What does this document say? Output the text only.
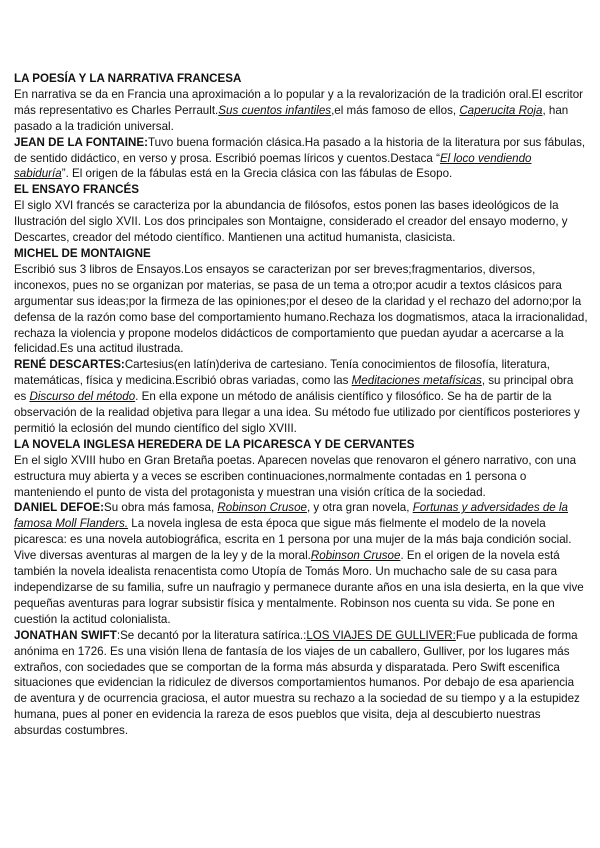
LA POESÍA Y LA NARRATIVA FRANCESA

En narrativa se da en Francia una aproximación a lo popular y a la revalorización de la tradición oral.El escritor más representativo es Charles Perrault.Sus cuentos infantiles,el más famoso de ellos, Caperucita Roja, han pasado a la tradición universal.

JEAN DE LA FONTAINE:Tuvo buena formación clásica.Ha pasado a la historia de la literatura por sus fábulas, de sentido didáctico, en verso y prosa. Escribió poemas líricos y cuentos.Destaca “El loco vendiendo sabiduría”. El origen de la fábulas está en la Grecia clásica con las fábulas de Esopo.

EL ENSAYO FRANCÉS

El siglo XVI francés se caracteriza por la abundancia de filósofos, estos ponen las bases ideológicos de la Ilustración del siglo XVII. Los dos principales son Montaigne, considerado el creador del ensayo moderno, y Descartes, creador del método científico. Mantienen una actitud humanista, clasicista.

MICHEL DE MONTAIGNE

Escribió sus 3 libros de Ensayos.Los ensayos se caracterizan por ser breves;fragmentarios, diversos, inconexos, pues no se organizan por materias, se pasa de un tema a otro;por acudir a textos clásicos para argumentar sus ideas;por la firmeza de las opiniones;por el deseo de la claridad y el rechazo del adorno;por la defensa de la razón como base del comportamiento humano.Rechaza los dogmatismos, ataca la irracionalidad, rechaza la violencia y propone modelos didácticos de comportamiento que puedan ayudar a acercarse a la felicidad.Es una actitud ilustrada.

RENÉ DESCARTES:Cartesius(en latín)deriva de cartesiano. Tenía conocimientos de filosofía, literatura, matemáticas, física y medicina.Escribió obras variadas, como las Meditaciones metafísicas, su principal obra es Discurso del método. En ella expone un método de análisis científico y filosófico. Se ha de partir de la observación de la realidad objetiva para llegar a una idea. Su método fue utilizado por científicos posteriores y permitió la eclosión del mundo científico del siglo XVIII.

LA NOVELA INGLESA HEREDERA DE LA PICARESCA Y DE CERVANTES

En el siglo XVIII hubo en Gran Bretaña poetas. Aparecen novelas que renovaron el género narrativo, con una estructura muy abierta y a veces se escriben continuaciones,normalmente contadas en 1 persona o manteniendo el punto de vista del protagonista y muestran una visión crítica de la sociedad.

DANIEL DEFOE:Su obra más famosa, Robinson Crusoe, y otra gran novela, Fortunas y adversidades de la famosa Moll Flanders. La novela inglesa de esta época que sigue más fielmente el modelo de la novela picaresca: es una novela autobiográfica, escrita en 1 persona por una mujer de la más baja condición social. Vive diversas aventuras al margen de la ley y de la moral.Robinson Crusoe. En el origen de la novela está también la novela idealista renacentista como Utopía de Tomás Moro. Un muchacho sale de su casa para independizarse de su familia, sufre un naufragio y permanece durante años en una isla desierta, en la que vive pequeñas aventuras para lograr subsistir física y mentalmente. Robinson nos cuenta su vida. Se pone en cuestión la actitud colonialista.

JONATHAN SWIFT:Se decantó por la literatura satírica.:LOS VIAJES DE GULLIVER:Fue publicada de forma anónima en 1726. Es una visión llena de fantasía de los viajes de un caballero, Gulliver, por los lugares más extraños, con sociedades que se comportan de la forma más absurda y disparatada. Pero Swift escenifica situaciones que evidencian la ridiculez de diversos comportamientos humanos. Por debajo de esa apariencia de aventura y de ocurrencia graciosa, el autor muestra su rechazo a la sociedad de su tiempo y a la estupidez humana, pues al poner en evidencia la rareza de esos pueblos que visita, deja al descubierto nuestras absurdas costumbres.
